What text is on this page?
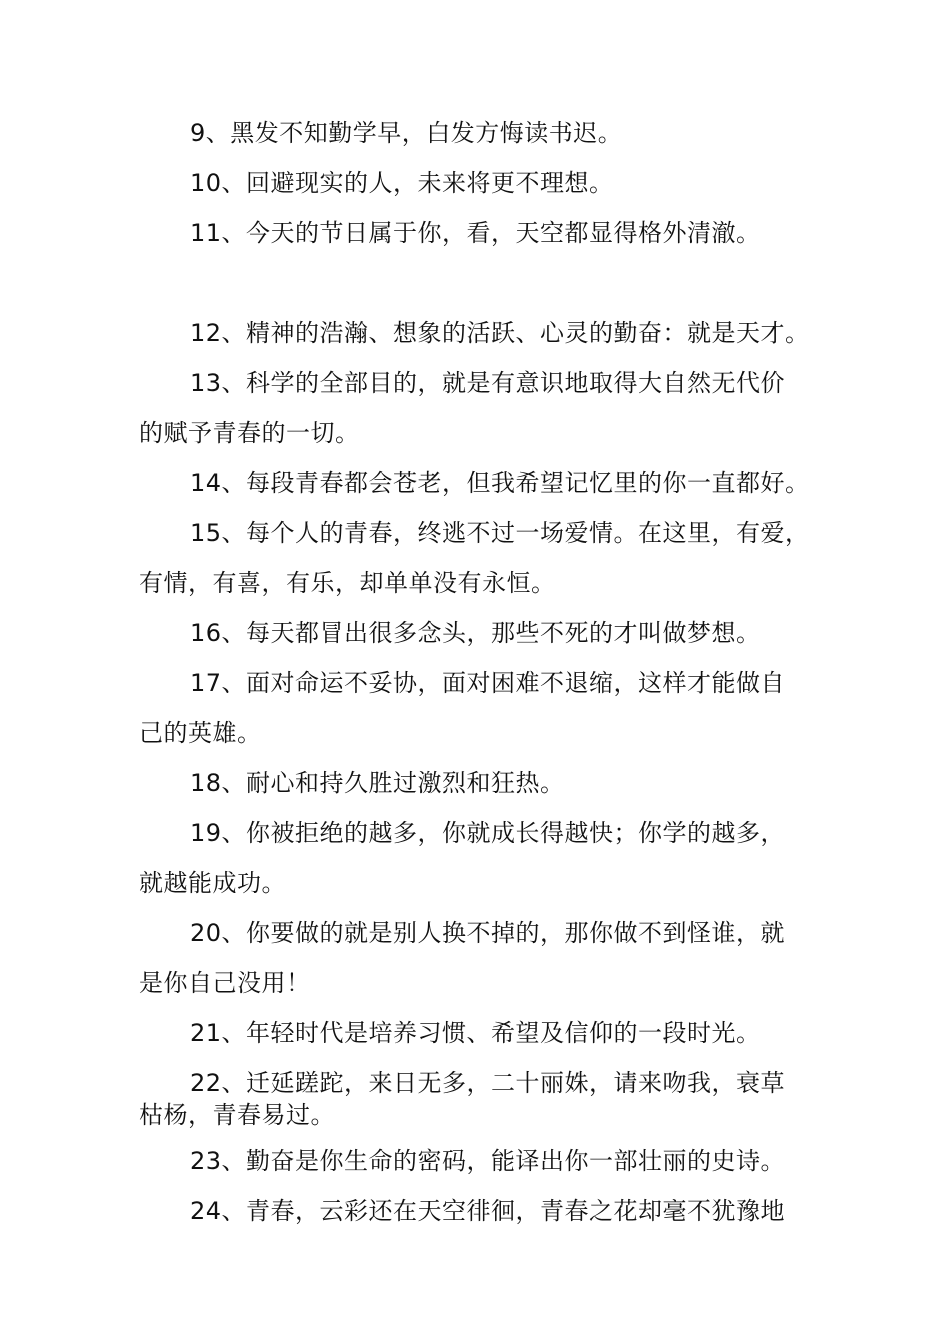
9、黑发不知勤学早，白发方悔读书迟。
10、回避现实的人，未来将更不理想。
11、今天的节日属于你，看，天空都显得格外清澈。
12、精神的浩瀚、想象的活跃、心灵的勤奋：就是天才。
13、科学的全部目的，就是有意识地取得大自然无代价
的赋予青春的一切。
14、每段青春都会苍老，但我希望记忆里的你一直都好。
15、每个人的青春，终逃不过一场爱情。在这里，有爱，
有情，有喜，有乐，却单单没有永恒。
16、每天都冒出很多念头，那些不死的才叫做梦想。
17、面对命运不妥协，面对困难不退缩，这样才能做自
己的英雄。
18、耐心和持久胜过激烈和狂热。
19、你被拒绝的越多，你就成长得越快；你学的越多，
就越能成功。
20、你要做的就是别人换不掉的，那你做不到怪谁，就
是你自己没用！
21、年轻时代是培养习惯、希望及信仰的一段时光。
22、迁延蹉跎，来日无多，二十丽姝，请来吻我，衰草
枯杨，青春易过。
23、勤奋是你生命的密码，能译出你一部壮丽的史诗。
24、青春，云彩还在天空徘徊，青春之花却毫不犹豫地
